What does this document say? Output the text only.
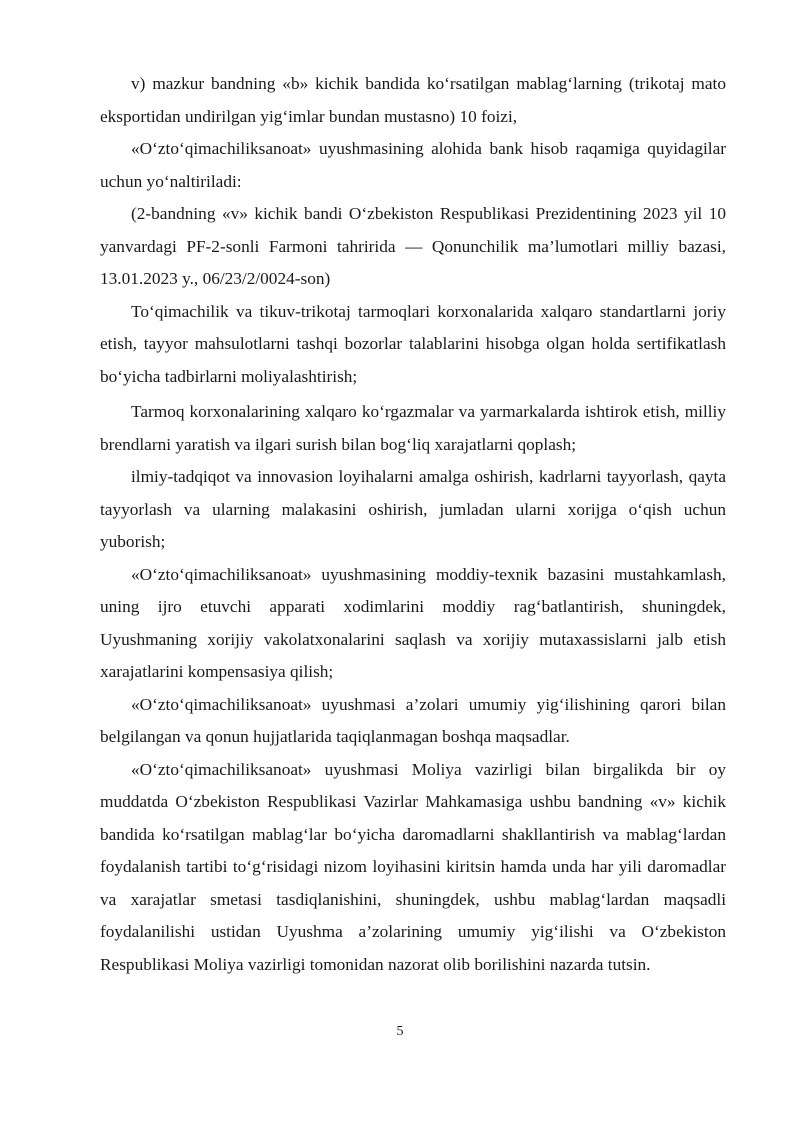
v) mazkur bandning «b» kichik bandida ko‘rsatilgan mablag‘larning (trikotaj mato eksportidan undirilgan yig‘imlar bundan mustasno) 10 foizi,

«O‘zto‘qimachiliksanoat» uyushmasining alohida bank hisob raqamiga quyidagilar uchun yo‘naltiriladi:

(2-bandning «v» kichik bandi O‘zbekiston Respublikasi Prezidentining 2023 yil 10 yanvardagi PF-2-sonli Farmoni tahririda — Qonunchilik ma’lumotlari milliy bazasi, 13.01.2023 y., 06/23/2/0024-son)

To‘qimachilik va tikuv-trikotaj tarmoqlari korxonalarida xalqaro standartlarni joriy etish, tayyor mahsulotlarni tashqi bozorlar talablarini hisobga olgan holda sertifikatlash bo‘yicha tadbirlarni moliyalashtirish;

Tarmoq korxonalarining xalqaro ko‘rgazmalar va yarmarkalarda ishtirok etish, milliy brendlarni yaratish va ilgari surish bilan bog‘liq xarajatlarni qoplash;

ilmiy-tadqiqot va innovasion loyihalarni amalga oshirish, kadrlarni tayyorlash, qayta tayyorlash va ularning malakasini oshirish, jumladan ularni xorijga o‘qish uchun yuborish;

«O‘zto‘qimachiliksanoat» uyushmasining moddiy-texnik bazasini mustahkamlash, uning ijro etuvchi apparati xodimlarini moddiy rag‘batlantirish, shuningdek, Uyushmaning xorijiy vakolatxonalarini saqlash va xorijiy mutaxassislarni jalb etish xarajatlarini kompensasiya qilish;

«O‘zto‘qimachiliksanoat» uyushmasi a’zolari umumiy yig‘ilishining qarori bilan belgilangan va qonun hujjatlarida taqiqlanmagan boshqa maqsadlar.

«O‘zto‘qimachiliksanoat» uyushmasi Moliya vazirligi bilan birgalikda bir oy muddatda O‘zbekiston Respublikasi Vazirlar Mahkamasiga ushbu bandning «v» kichik bandida ko‘rsatilgan mablag‘lar bo‘yicha daromadlarni shakllantirish va mablag‘lardan foydalanish tartibi to‘g‘risidagi nizom loyihasini kiritsin hamda unda har yili daromadlar va xarajatlar smetasi tasdiqlanishini, shuningdek, ushbu mablag‘lardan maqsadli foydalanilishi ustidan Uyushma a’zolarining umumiy yig‘ilishi va O‘zbekiston Respublikasi Moliya vazirligi tomonidan nazorat olib borilishini nazarda tutsin.

5
